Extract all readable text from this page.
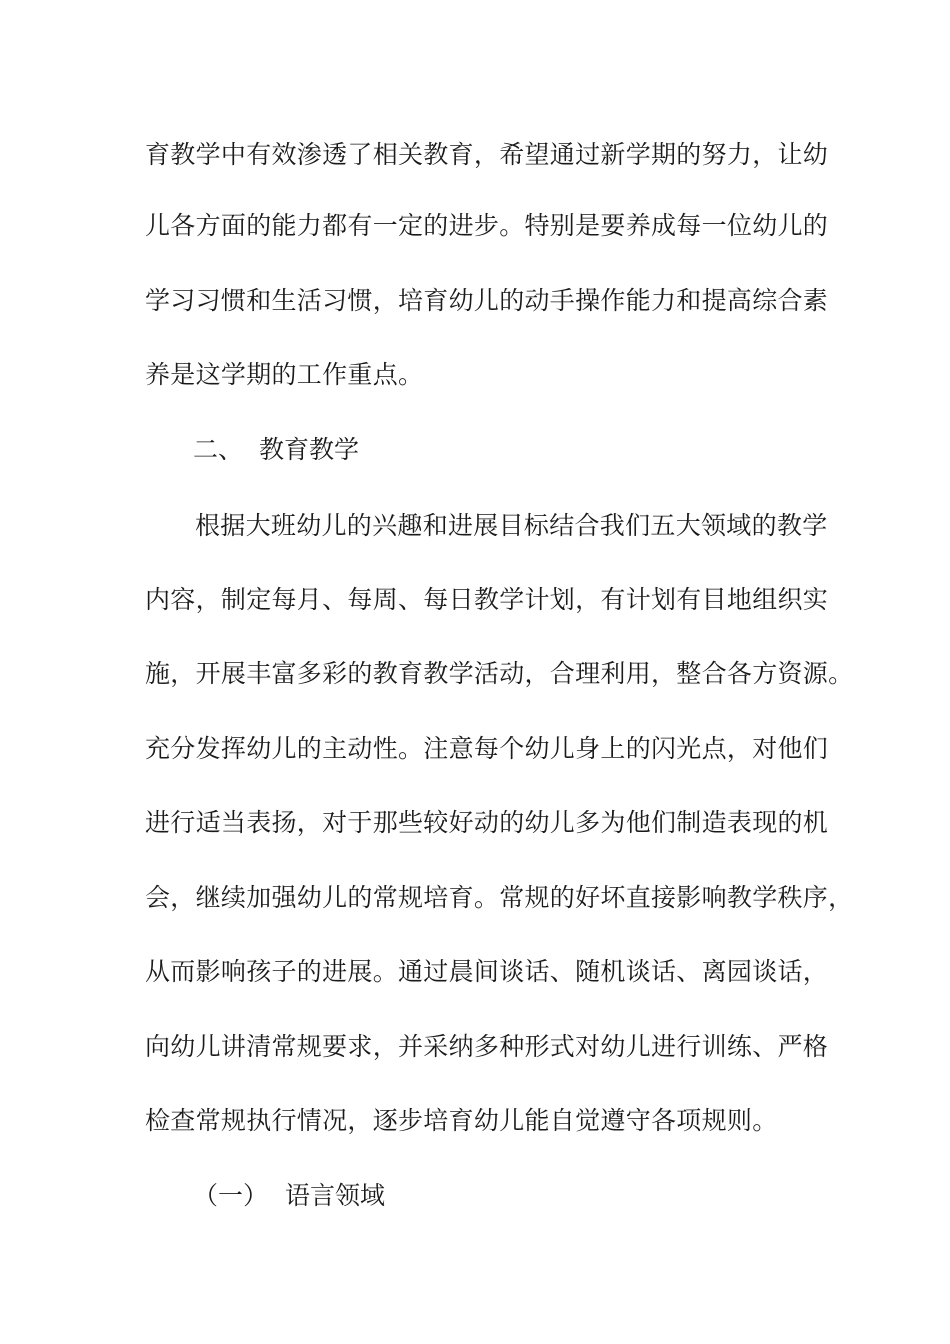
育教学中有效渗透了相关教育，希望通过新学期的努力，让幼
儿各方面的能力都有一定的进步。特别是要养成每一位幼儿的
学习习惯和生活习惯，培育幼儿的动手操作能力和提高综合素
养是这学期的工作重点。
二、 教育教学
根据大班幼儿的兴趣和进展目标结合我们五大领域的教学
内容，制定每月、每周、每日教学计划，有计划有目地组织实
施，开展丰富多彩的教育教学活动，合理利用，整合各方资源。
充分发挥幼儿的主动性。注意每个幼儿身上的闪光点，对他们
进行适当表扬，对于那些较好动的幼儿多为他们制造表现的机
会，继续加强幼儿的常规培育。常规的好坏直接影响教学秩序，
从而影响孩子的进展。通过晨间谈话、随机谈话、离园谈话，
向幼儿讲清常规要求，并采纳多种形式对幼儿进行训练、严格
检查常规执行情况，逐步培育幼儿能自觉遵守各项规则。
（一） 语言领域
